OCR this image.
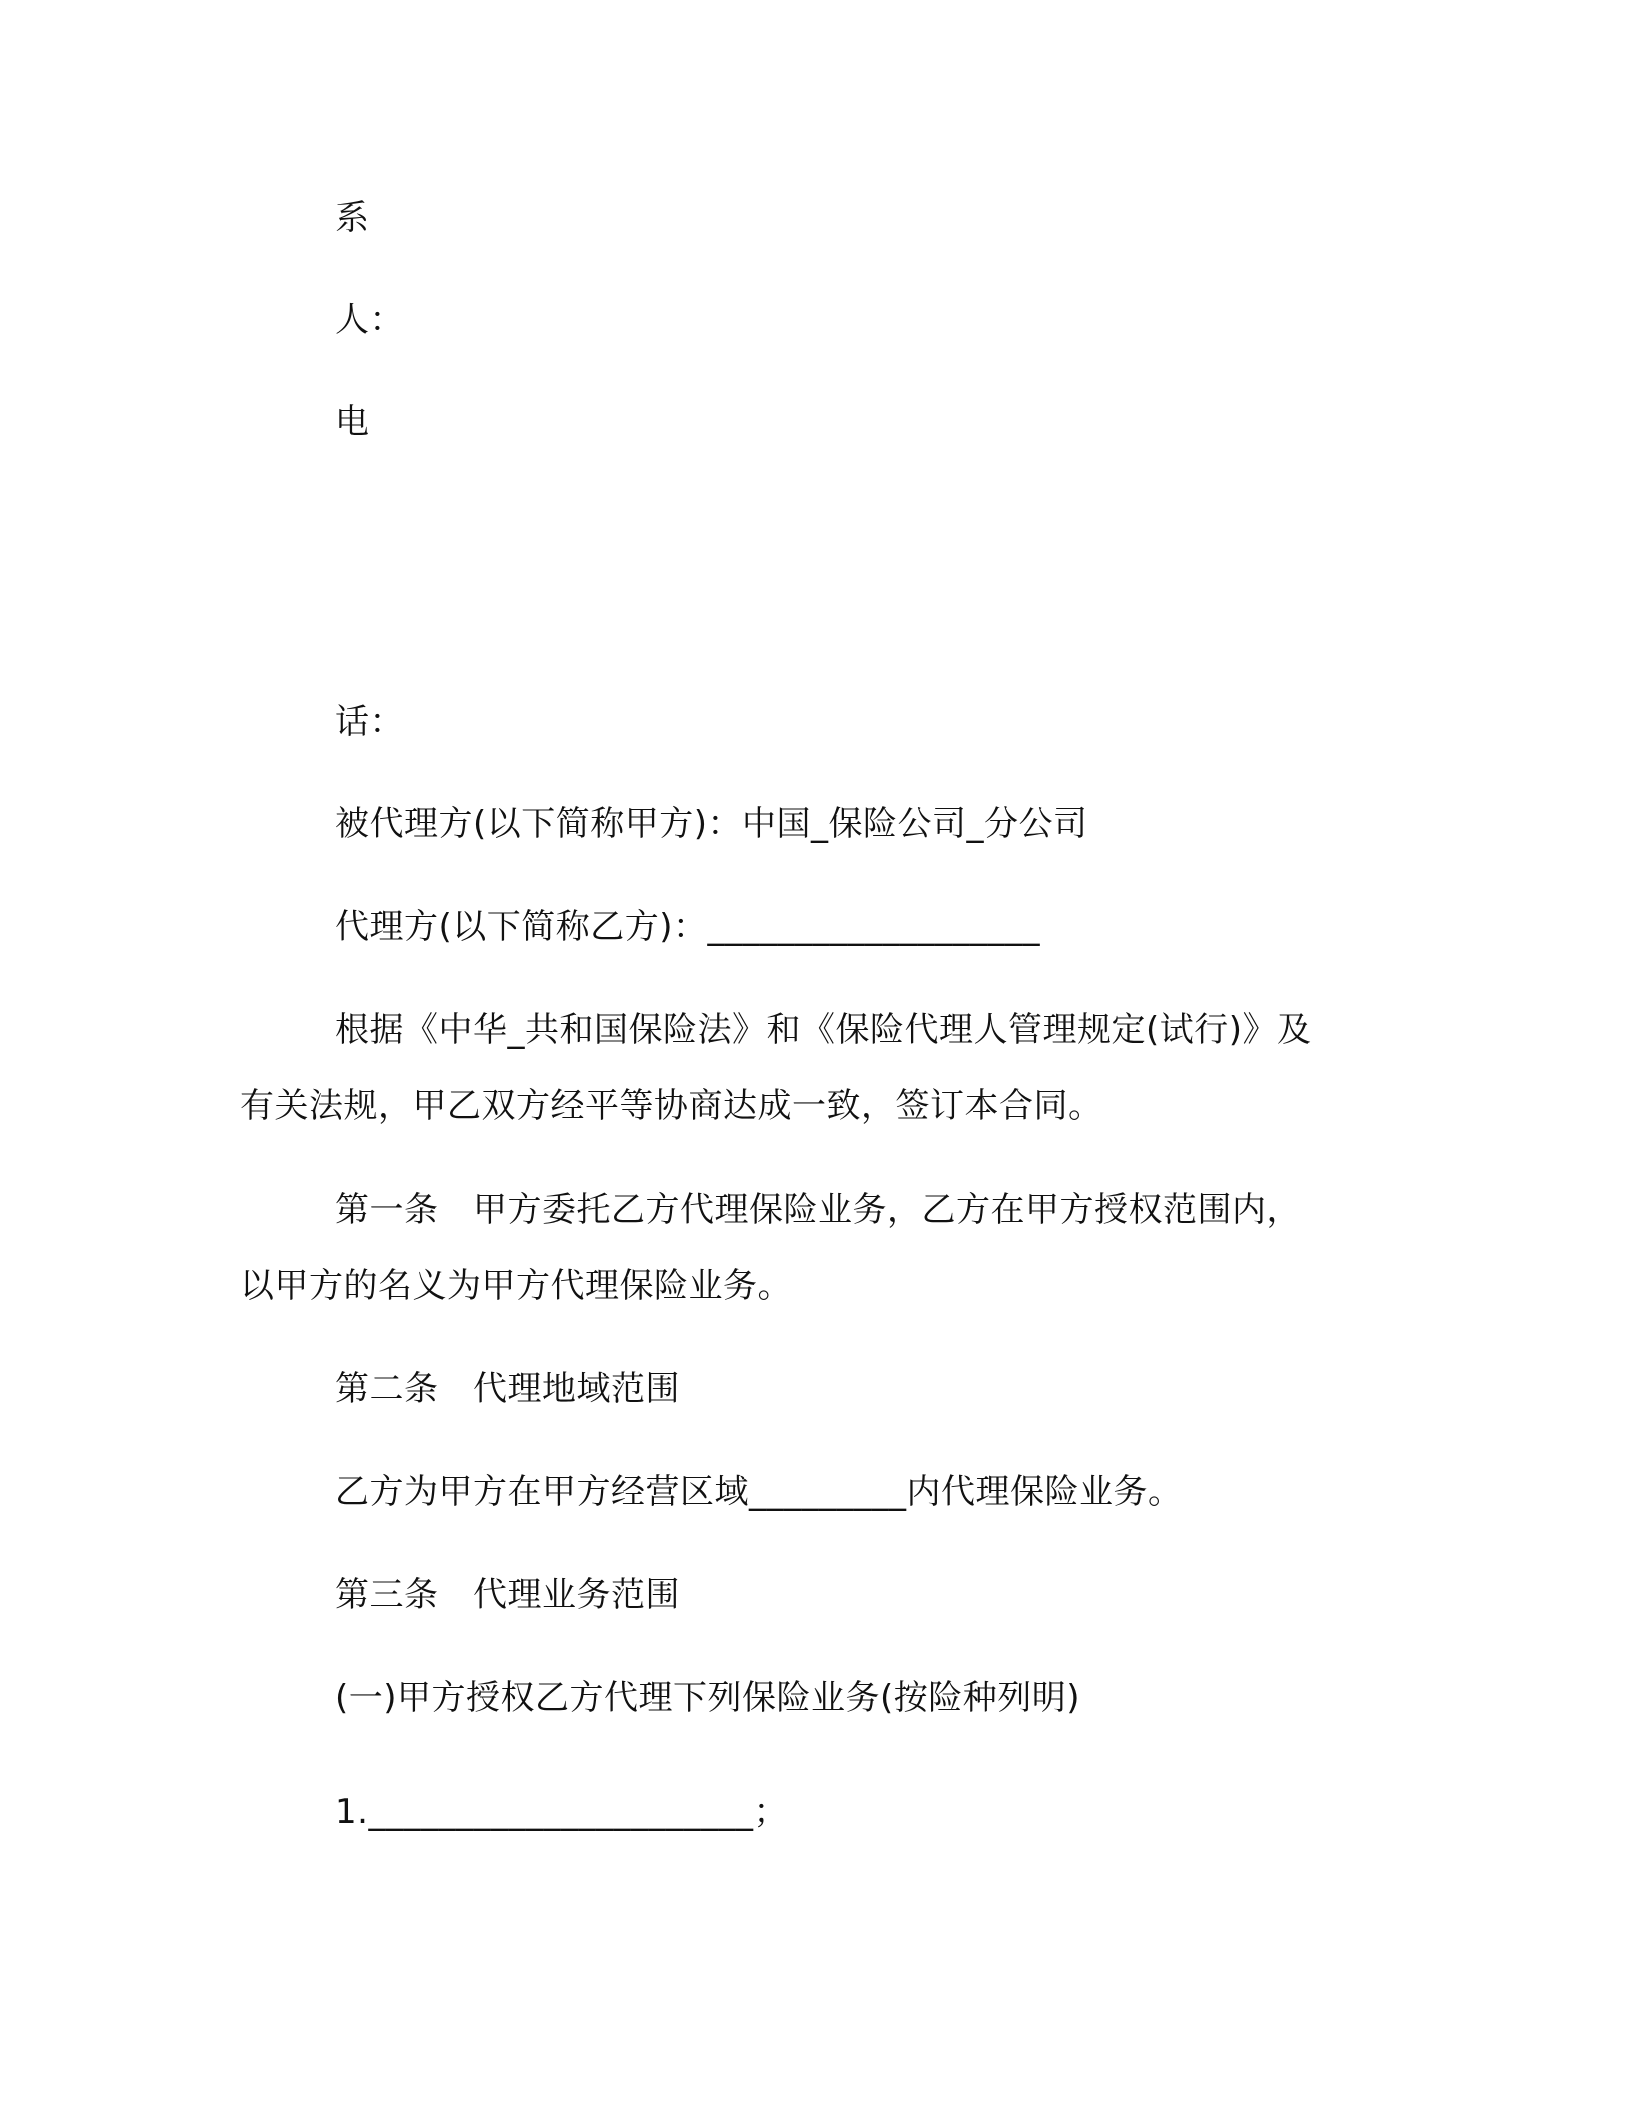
系
人：
电
话：
被代理方(以下简称甲方)：中国_保险公司_分公司
代理方(以下简称乙方)：___________________
根据《中华_共和国保险法》和《保险代理人管理规定(试行)》及
有关法规，甲乙双方经平等协商达成一致，签订本合同。
第一条　甲方委托乙方代理保险业务，乙方在甲方授权范围内，
以甲方的名义为甲方代理保险业务。
第二条　代理地域范围
乙方为甲方在甲方经营区域_________内代理保险业务。
第三条　代理业务范围
(一)甲方授权乙方代理下列保险业务(按险种列明)
1.______________________；
